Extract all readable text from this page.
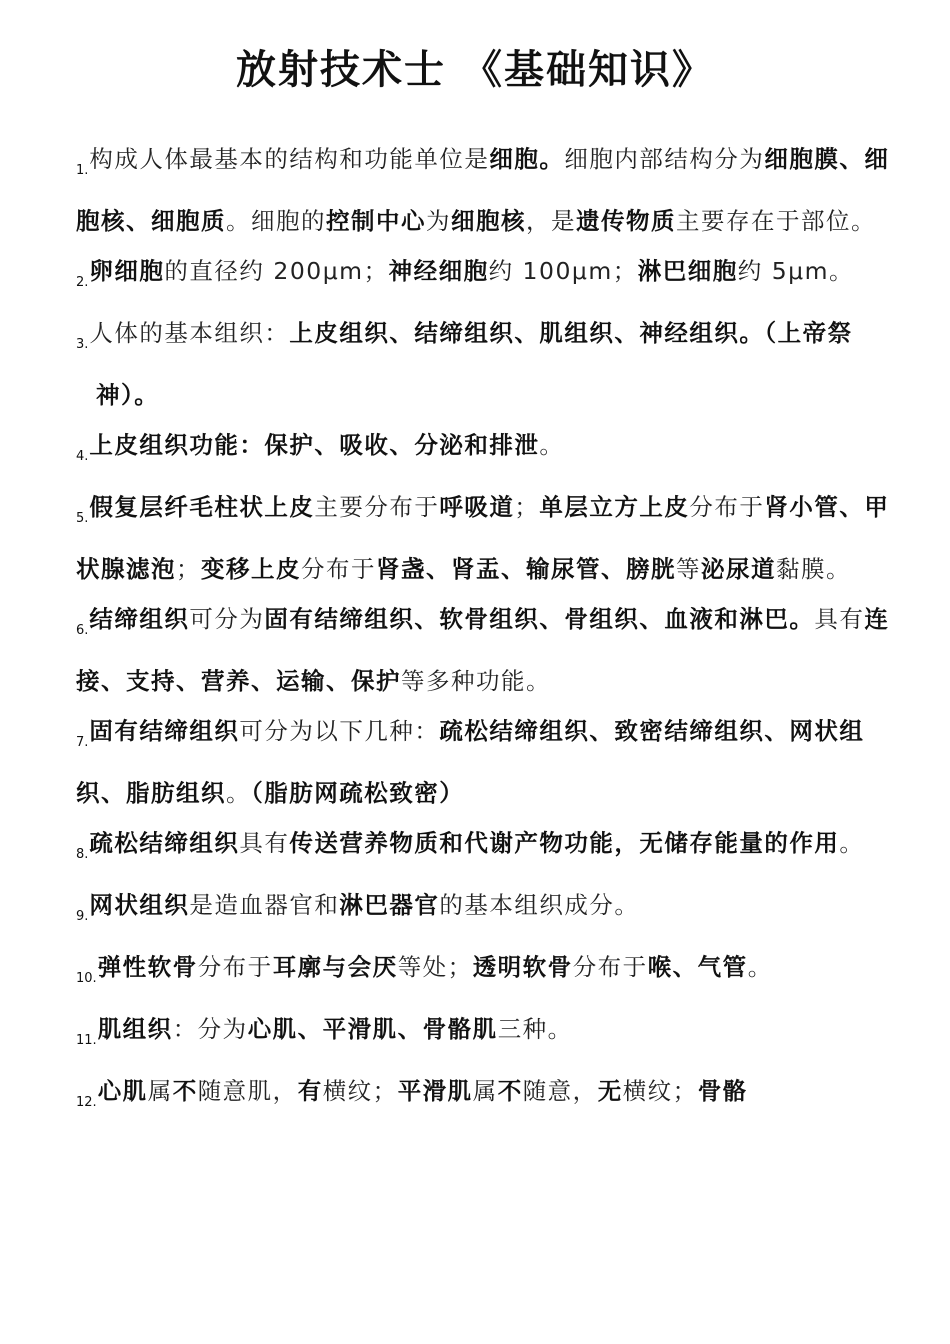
放射技术士 《基础知识》
$_{1.}$构成人体最基本的结构和功能单位是细胞。细胞内部结构分为细胞膜、细胞核、细胞质。细胞的控制中心为细胞核，是遗传物质主要存在于部位。
$_{2.}$卵细胞的直径约 200μm；神经细胞约 100μm；淋巴细胞约 5μm。
$_{3.}$人体的基本组织：上皮组织、结缔组织、肌组织、神经组织。（上帝祭神）。
$_{4.}$上皮组织功能：保护、吸收、分泌和排泄。
$_{5.}$假复层纤毛柱状上皮主要分布于呼吸道；单层立方上皮分布于肾小管、甲状腺滤泡；变移上皮分布于肾盏、肾盂、输尿管、膀胱等泌尿道黏膜。
$_{6.}$结缔组织可分为固有结缔组织、软骨组织、骨组织、血液和淋巴。具有连接、支持、营养、运输、保护等多种功能。
$_{7.}$固有结缔组织可分为以下几种：疏松结缔组织、致密结缔组织、网状组织、脂肪组织。（脂肪网疏松致密）
$_{8.}$疏松结缔组织具有传送营养物质和代谢产物功能，无储存能量的作用。
$_{9.}$网状组织是造血器官和淋巴器官的基本组织成分。
$_{10.}$弹性软骨分布于耳廓与会厌等处；透明软骨分布于喉、气管。
$_{11.}$肌组织：分为心肌、平滑肌、骨骼肌三种。
$_{12.}$心肌属不随意肌，有横纹；平滑肌属不随意，无横纹；骨骼
